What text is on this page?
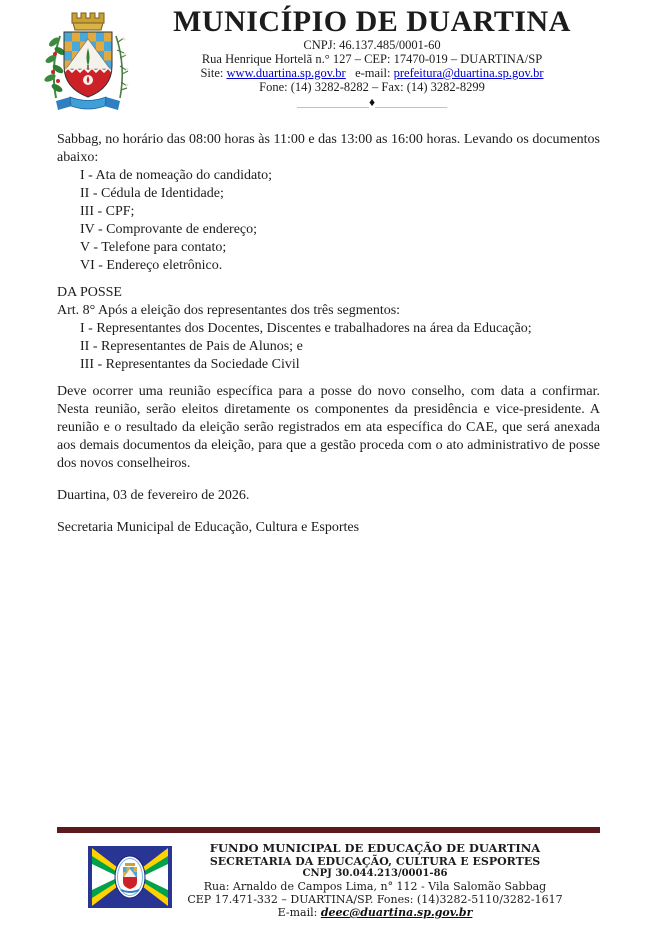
MUNICÍPIO DE DUARTINA
CNPJ: 46.137.485/0001-60
Rua Henrique Hortelã n.° 127 – CEP: 17470-019 – DUARTINA/SP
Site: www.duartina.sp.gov.br e-mail: prefeitura@duartina.sp.gov.br
Fone: (14) 3282-8282 – Fax: (14) 3282-8299
____________♦____________

Sabbag, no horário das 08:00 horas às 11:00 e das 13:00 as 16:00 horas. Levando os documentos abaixo:

I - Ata de nomeação do candidato;
II - Cédula de Identidade;
III - CPF;
IV - Comprovante de endereço;
V - Telefone para contato;
VI - Endereço eletrônico.

DA POSSE

Art. 8° Após a eleição dos representantes dos três segmentos:

I - Representantes dos Docentes, Discentes e trabalhadores na área da Educação;
II - Representantes de Pais de Alunos; e
III - Representantes da Sociedade Civil

Deve ocorrer uma reunião específica para a posse do novo conselho, com data a confirmar. Nesta reunião, serão eleitos diretamente os componentes da presidência e vice-presidente. A reunião e o resultado da eleição serão registrados em ata específica do CAE, que será anexada aos demais documentos da eleição, para que a gestão proceda com o ato administrativo de posse dos novos conselheiros.

Duartina, 03 de fevereiro de 2026.

Secretaria Municipal de Educação, Cultura e Esportes

FUNDO MUNICIPAL DE EDUCAÇÃO DE DUARTINA
SECRETARIA DA EDUCAÇÃO, CULTURA E ESPORTES
CNPJ 30.044.213/0001-86
Rua: Arnaldo de Campos Lima, n° 112 - Vila Salomão Sabbag
CEP 17.471-332 – DUARTINA/SP. Fones: (14)3282-5110/3282-1617
E-mail: deec@duartina.sp.gov.br
